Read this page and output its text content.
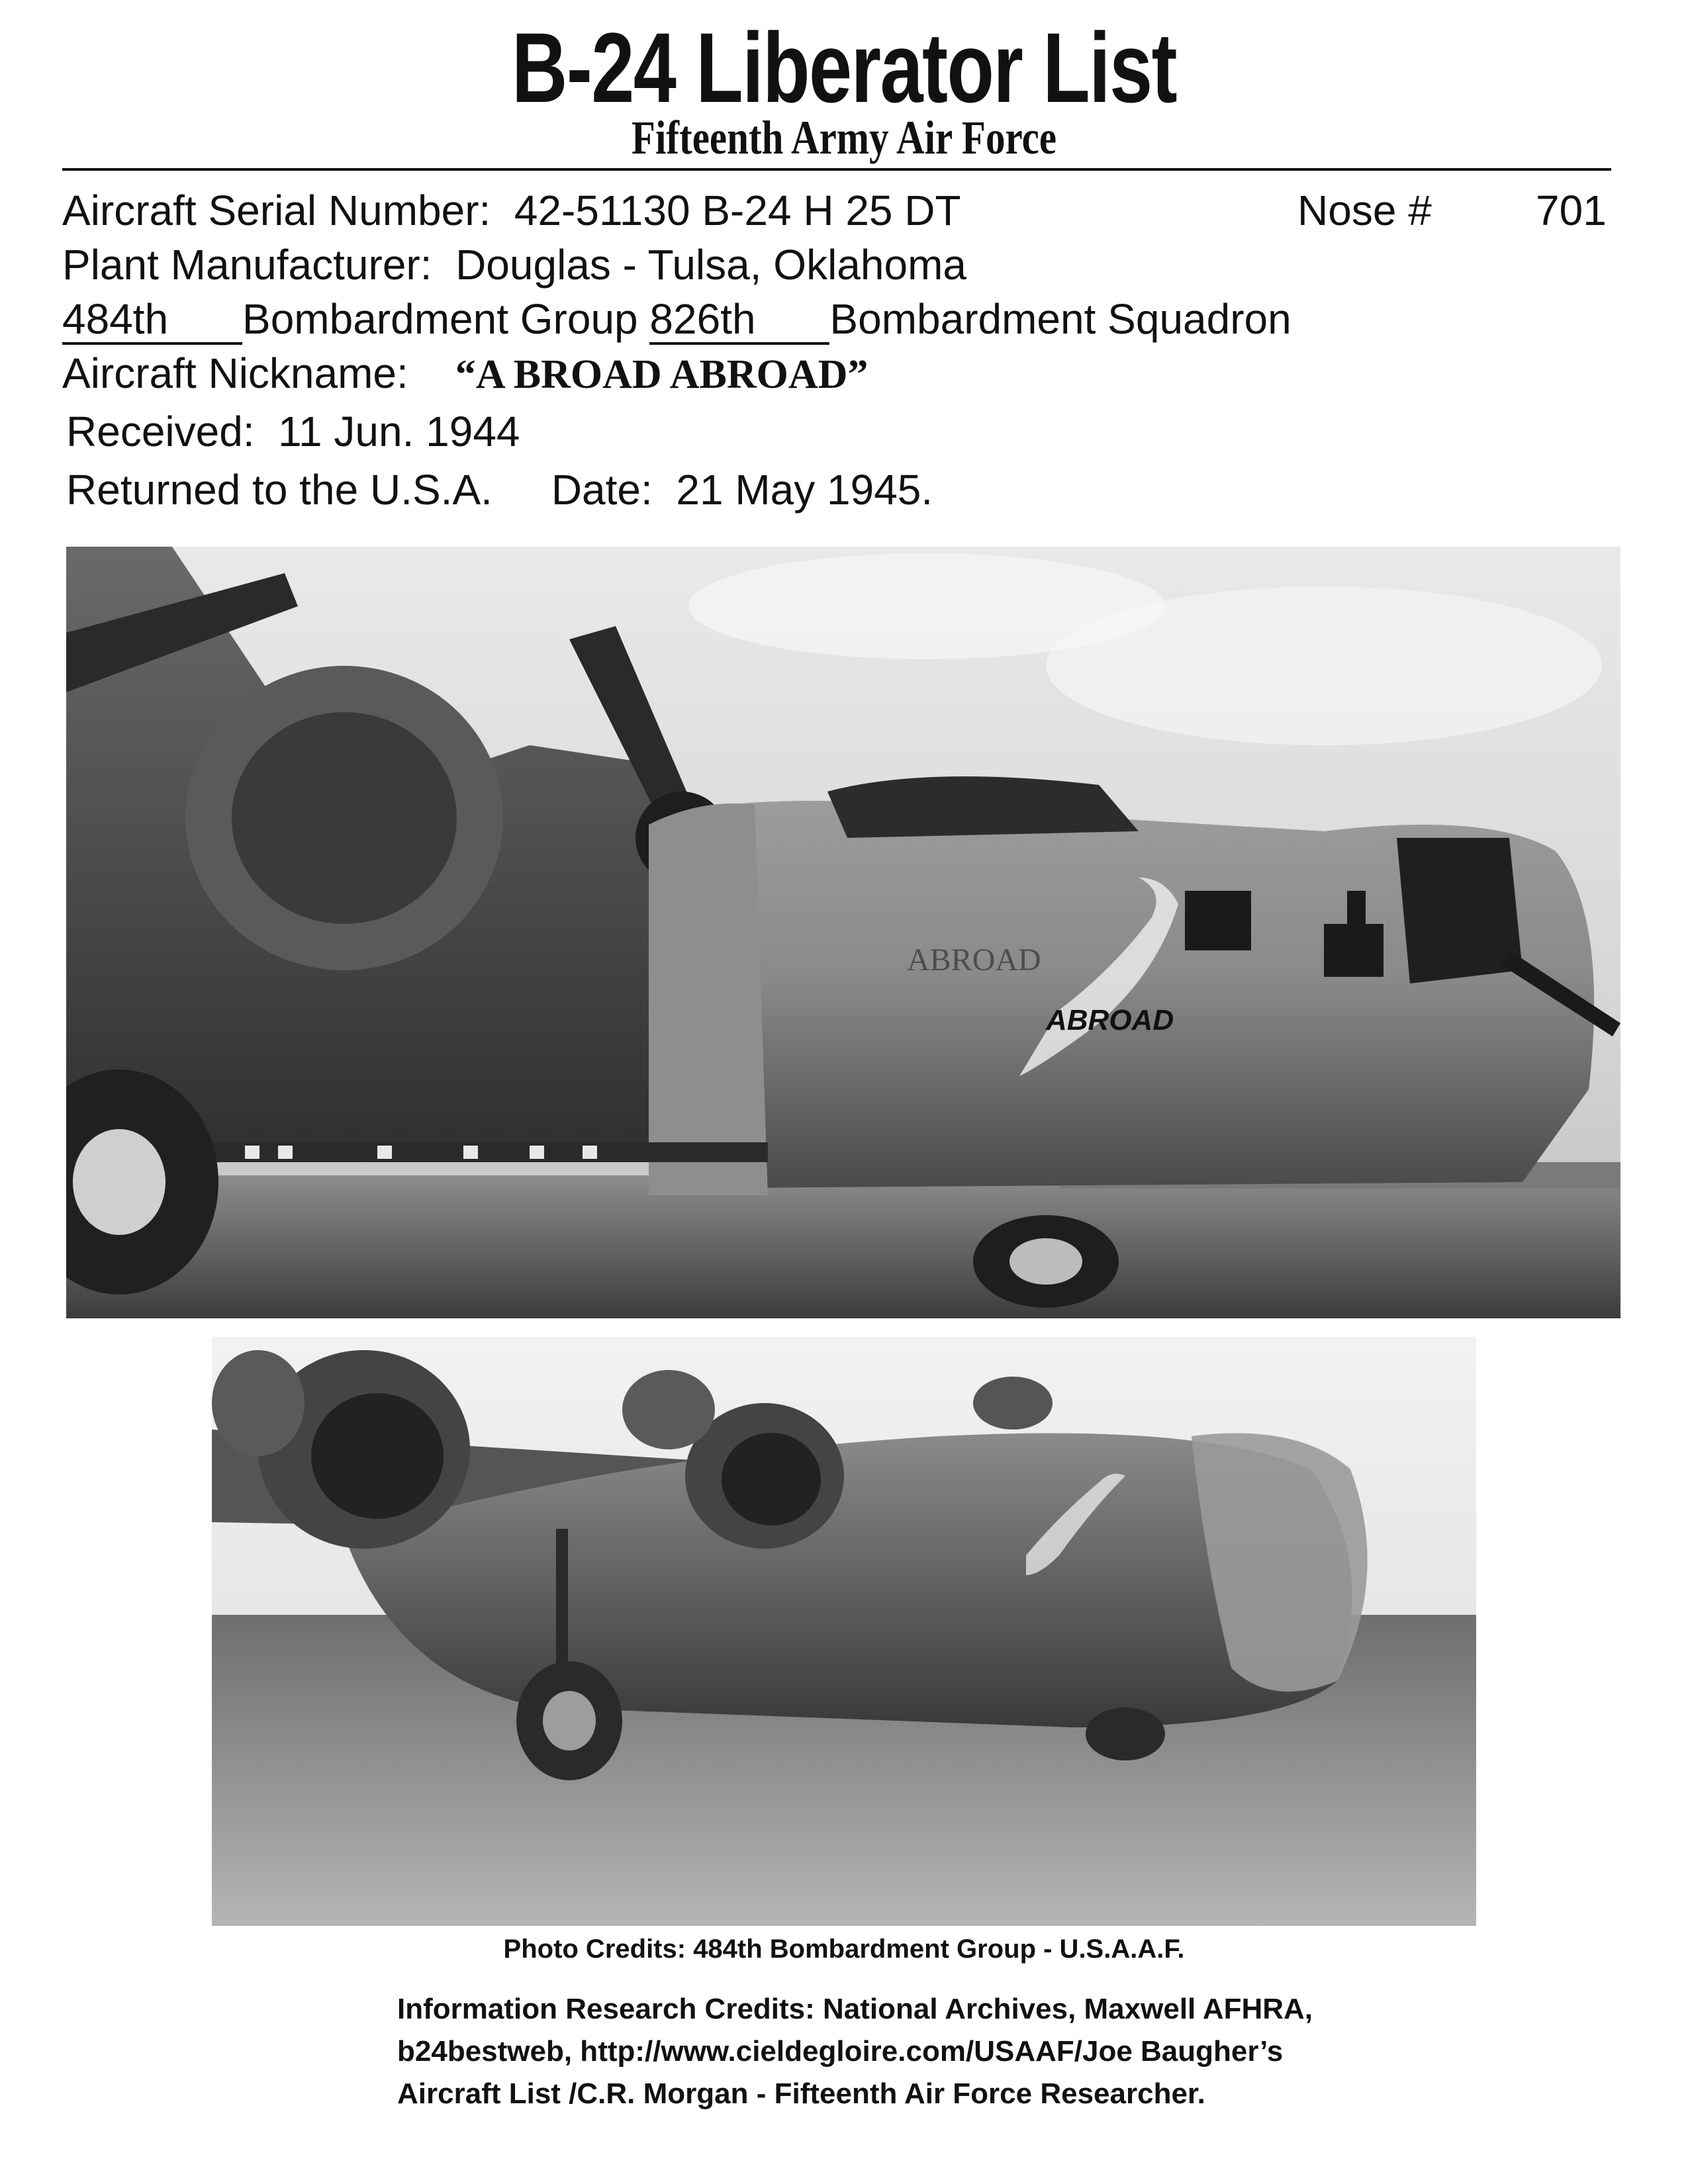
B-24 Liberator List
Fifteenth Army Air Force
Aircraft Serial Number: 42-51130 B-24 H 25 DT	Nose # 701
Plant Manufacturer: Douglas - Tulsa, Oklahoma
484th Bombardment Group 826th Bombardment Squadron
Aircraft Nickname: “A BROAD ABROAD”
Received: 11 Jun. 1944
Returned to the U.S.A. Date: 21 May 1945.
ABROAD
ABROAD
Photo Credits: 484th Bombardment Group - U.S.A.A.F.
Information Research Credits: National Archives, Maxwell AFHRA,
b24bestweb, http://www.cieldegloire.com/USAAF/Joe Baugher’s
Aircraft List /C.R. Morgan - Fifteenth Air Force Researcher.
